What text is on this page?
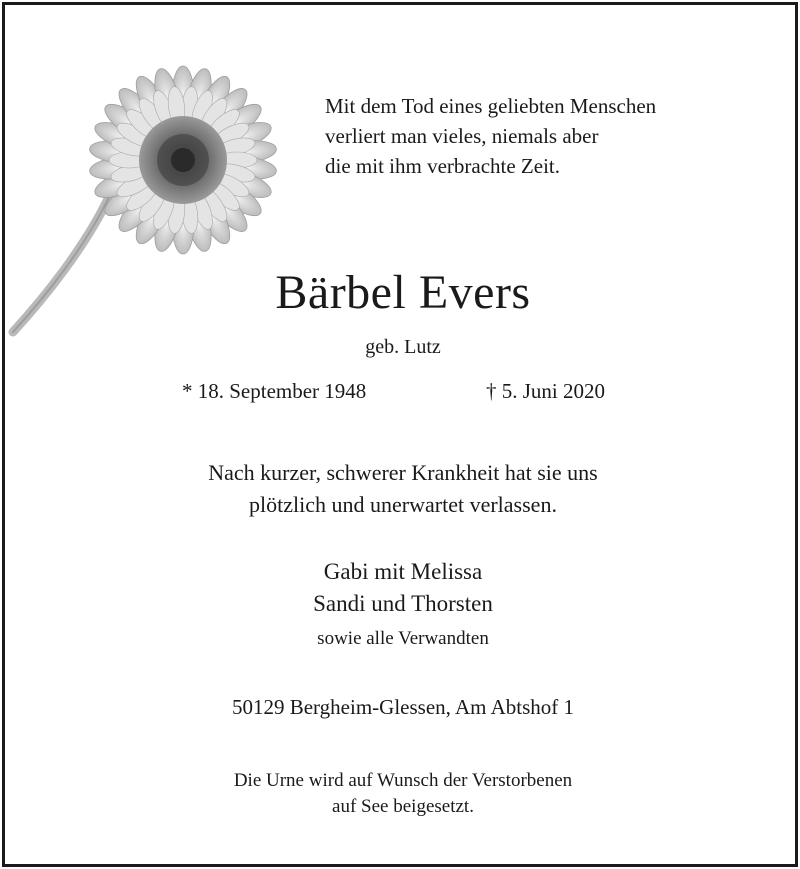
Mit dem Tod eines geliebten Menschen
verliert man vieles, niemals aber
die mit ihm verbrachte Zeit.
Bärbel Evers
geb. Lutz
* 18. September 1948	† 5. Juni 2020
Nach kurzer, schwerer Krankheit hat sie uns
plötzlich und unerwartet verlassen.
Gabi mit Melissa
Sandi und Thorsten
sowie alle Verwandten
50129 Bergheim-Glessen, Am Abtshof 1
Die Urne wird auf Wunsch der Verstorbenen
auf See beigesetzt.
